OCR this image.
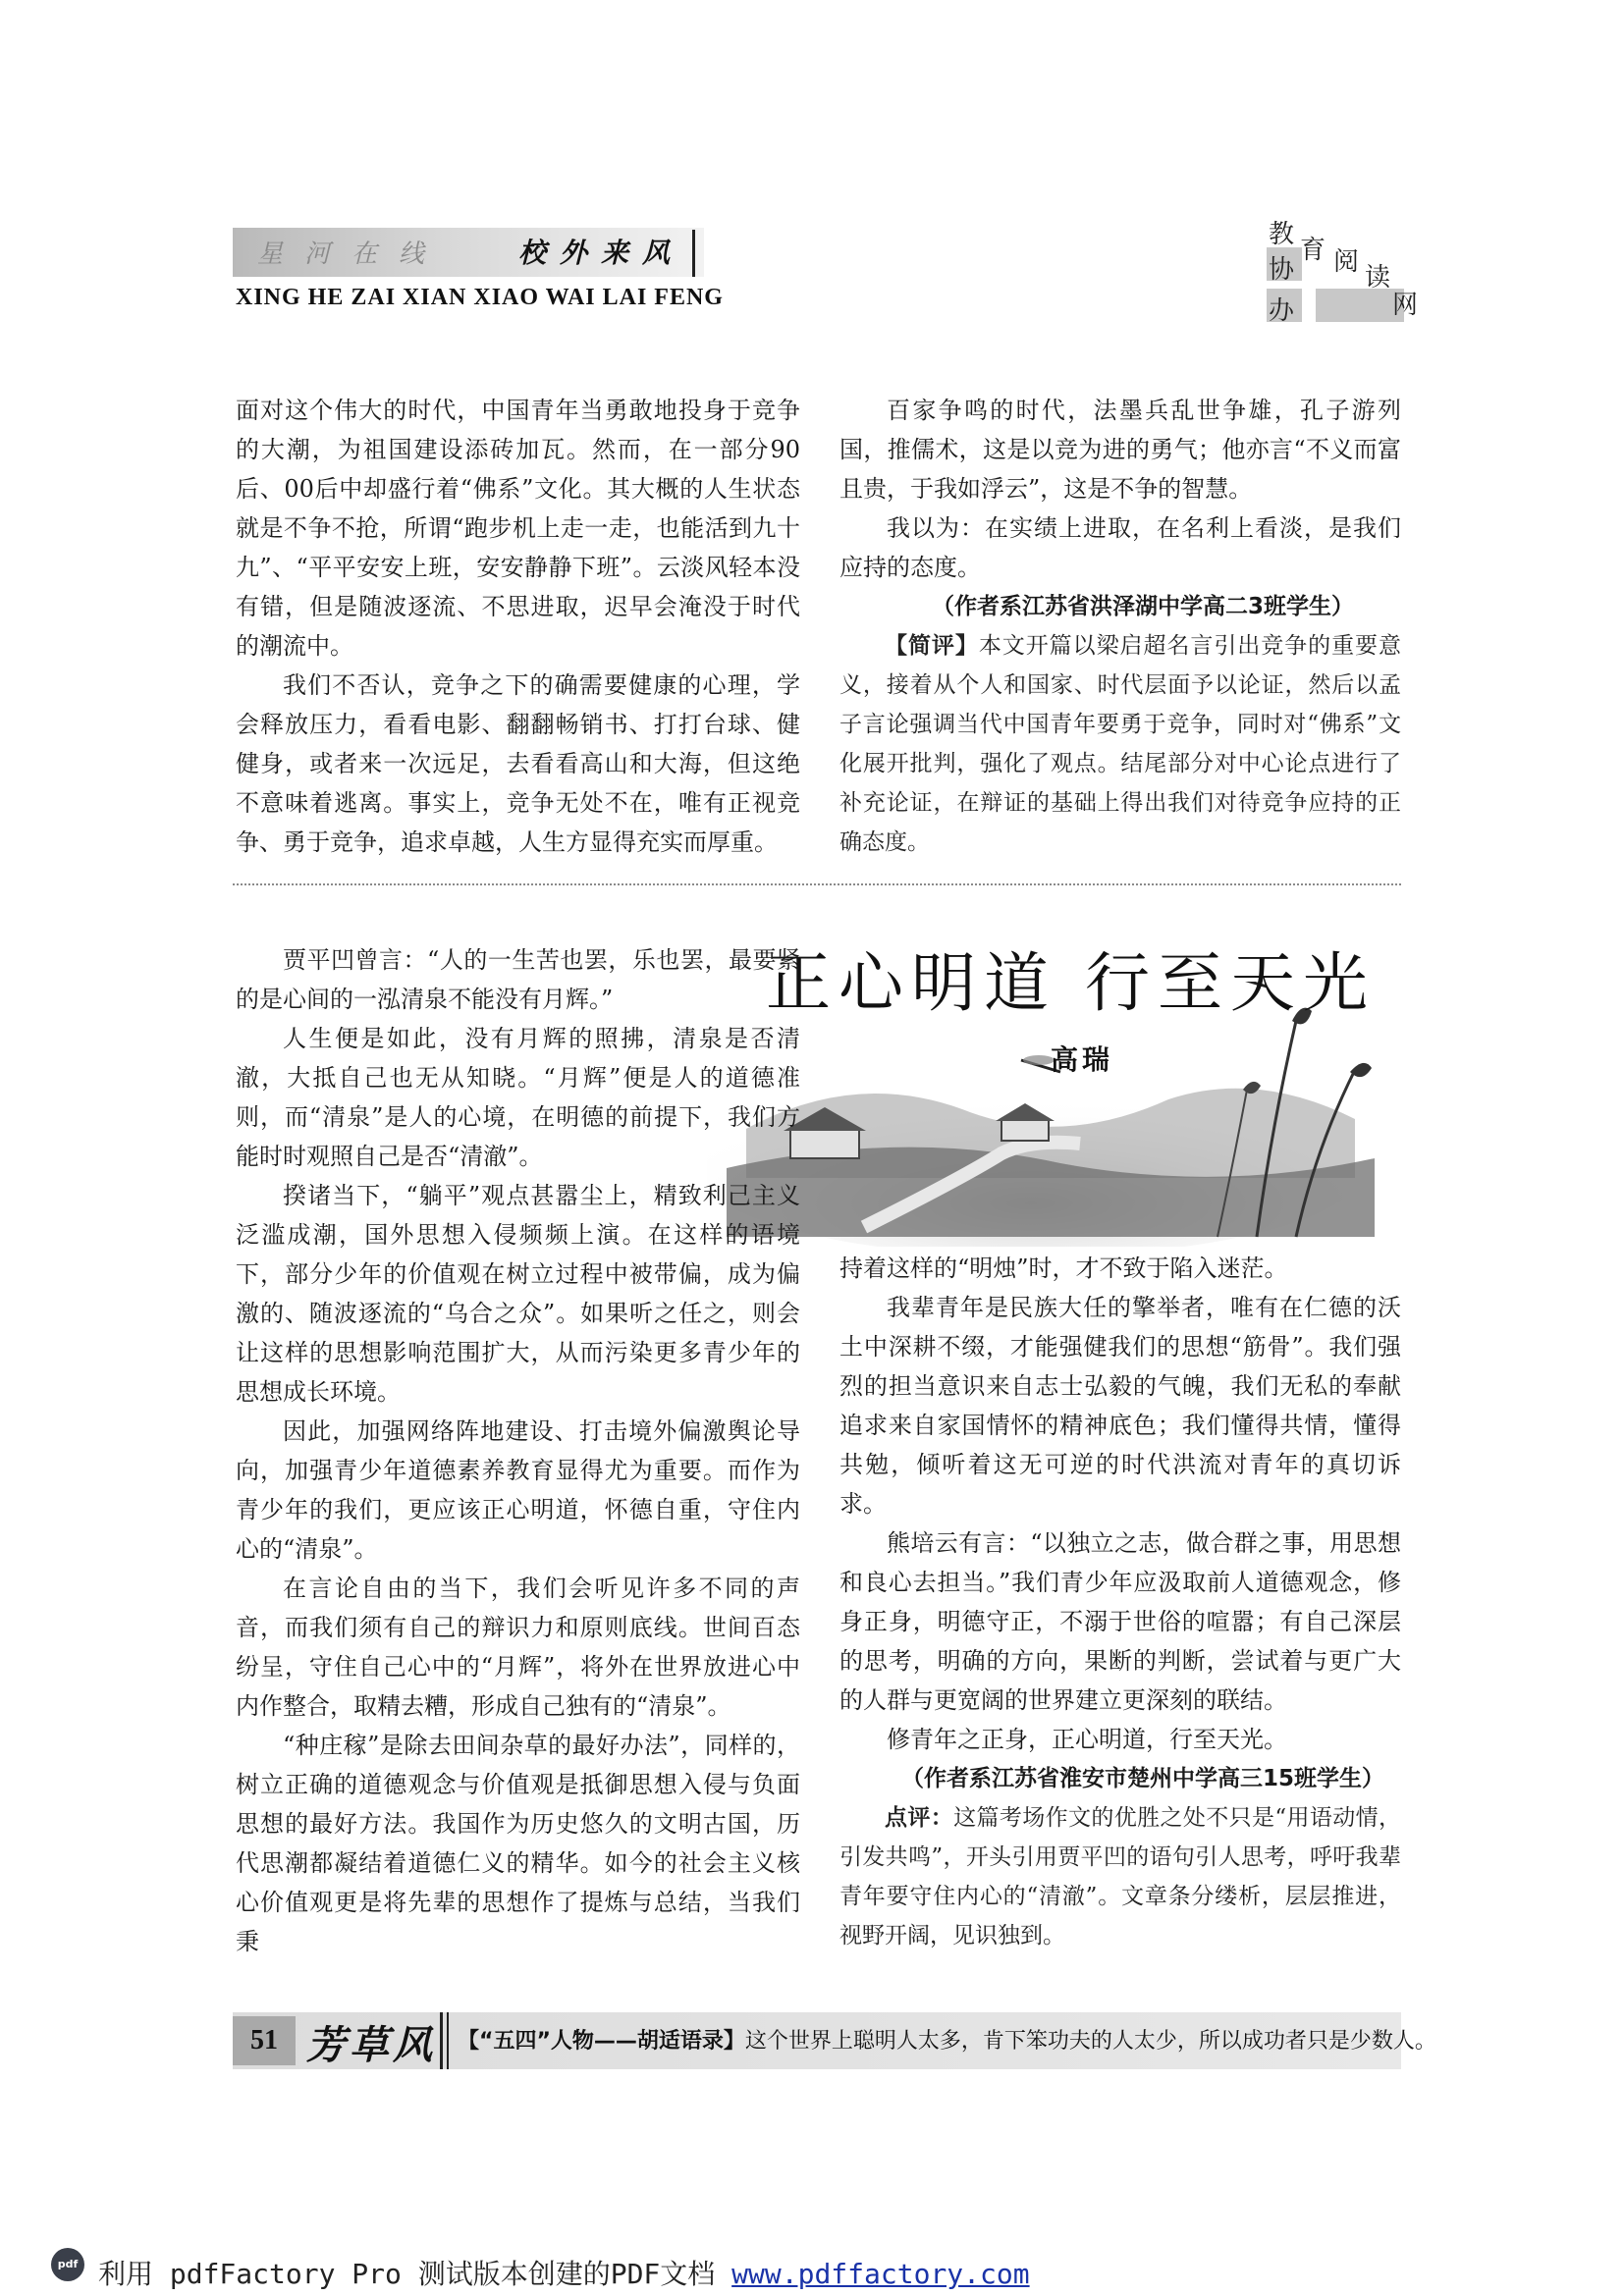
星河在线	校外来风
XING HE ZAI XIAN XIAO WAI LAI FENG
教
育
协 阅
读
办	网

面对这个伟大的时代，中国青年当勇敢地投身于竞争的大潮，为祖国建设添砖加瓦。然而，在一部分90后、00后中却盛行着“佛系”文化。其大概的人生状态就是不争不抢，所谓“跑步机上走一走，也能活到九十九”、“平平安安上班，安安静静下班”。云淡风轻本没有错，但是随波逐流、不思进取，迟早会淹没于时代的潮流中。

我们不否认，竞争之下的确需要健康的心理，学会释放压力，看看电影、翻翻畅销书、打打台球、健健身，或者来一次远足，去看看高山和大海，但这绝不意味着逃离。事实上，竞争无处不在，唯有正视竞争、勇于竞争，追求卓越，人生方显得充实而厚重。

百家争鸣的时代，法墨兵乱世争雄，孔子游列国，推儒术，这是以竞为进的勇气；他亦言“不义而富且贵，于我如浮云”，这是不争的智慧。

我以为：在实绩上进取，在名利上看淡，是我们应持的态度。

（作者系江苏省洪泽湖中学高二3班学生）

【简评】本文开篇以梁启超名言引出竞争的重要意义，接着从个人和国家、时代层面予以论证，然后以孟子言论强调当代中国青年要勇于竞争，同时对“佛系”文化展开批判，强化了观点。结尾部分对中心论点进行了补充论证，在辩证的基础上得出我们对待竞争应持的正确态度。

正心明道 行至天光
高瑞

贾平凹曾言：“人的一生苦也罢，乐也罢，最要紧的是心间的一泓清泉不能没有月辉。”

人生便是如此，没有月辉的照拂，清泉是否清澈，大抵自己也无从知晓。“月辉”便是人的道德准则，而“清泉”是人的心境，在明德的前提下，我们方能时时观照自己是否“清澈”。

揆诸当下，“躺平”观点甚嚣尘上，精致利己主义泛滥成潮，国外思想入侵频频上演。在这样的语境下，部分少年的价值观在树立过程中被带偏，成为偏激的、随波逐流的“乌合之众”。如果听之任之，则会让这样的思想影响范围扩大，从而污染更多青少年的思想成长环境。

因此，加强网络阵地建设、打击境外偏激舆论导向，加强青少年道德素养教育显得尤为重要。而作为青少年的我们，更应该正心明道，怀德自重，守住内心的“清泉”。

在言论自由的当下，我们会听见许多不同的声音，而我们须有自己的辩识力和原则底线。世间百态纷呈，守住自己心中的“月辉”，将外在世界放进心中内作整合，取精去糟，形成自己独有的“清泉”。

“种庄稼”是除去田间杂草的最好办法”，同样的，树立正确的道德观念与价值观是抵御思想入侵与负面思想的最好方法。我国作为历史悠久的文明古国，历代思潮都凝结着道德仁义的精华。如今的社会主义核心价值观更是将先辈的思想作了提炼与总结，当我们秉

持着这样的“明烛”时，才不致于陷入迷茫。

我辈青年是民族大任的擎举者，唯有在仁德的沃土中深耕不缀，才能强健我们的思想“筋骨”。我们强烈的担当意识来自志士弘毅的气魄，我们无私的奉献追求来自家国情怀的精神底色；我们懂得共情，懂得共勉，倾听着这无可逆的时代洪流对青年的真切诉求。

熊培云有言：“以独立之志，做合群之事，用思想和良心去担当。”我们青少年应汲取前人道德观念，修身正身，明德守正，不溺于世俗的喧嚣；有自己深层的思考，明确的方向，果断的判断，尝试着与更广大的人群与更宽阔的世界建立更深刻的联结。

修青年之正身，正心明道，行至天光。

（作者系江苏省淮安市楚州中学高三15班学生）

点评：这篇考场作文的优胜之处不只是“用语动情，引发共鸣”，开头引用贾平凹的语句引人思考，呼吁我辈青年要守住内心的“清澈”。文章条分缕析，层层推进，视野开阔，见识独到。

51 芳草风 【“五四”人物——胡适语录】这个世界上聪明人太多，肯下笨功夫的人太少，所以成功者只是少数人。
pdf 利用 pdfFactory Pro 测试版本创建的PDF文档 www.pdffactory.com
